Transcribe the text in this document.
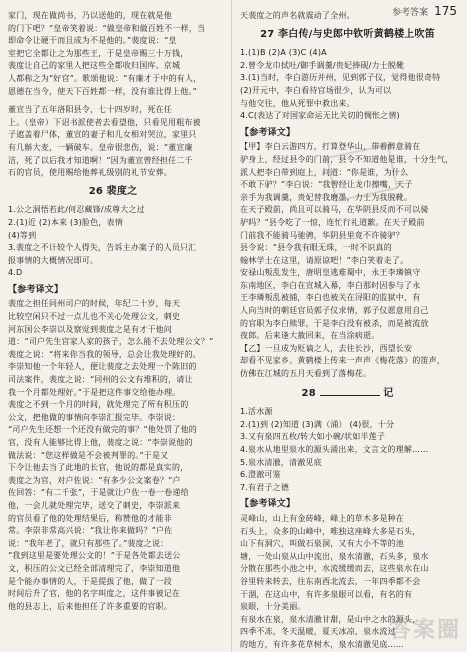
参考答案 175
家门，现在做尚书，乃以送他的，现在就是他
的门下吧？”皇帝笑着说：“做皇帝和做百姓不一样，当
即命令让硬干而且成为不是他的。”裴度说：“皇
室把它全都让之为那些王，于是皇帝赐三十万钱，
裴度让自己的家里人把这些全都收归国库。京城
人都称之为“好官”。歌颂他说：“有廉才于中的有人，
恩德在当今，使天下百姓都一样，没有谁比得上他。”
董宣当了五年洛阳县令，七十四岁时，死在任
上。（皇帝）下诏书派使者去看望他，只看见用粗布被
子遮盖着尸体，董宣的妻子和儿女相对哭泣，家里只
有几斛大麦，一辆破车。皇帝很悲伤，说：“董宣廉
洁，死了以后我才知道啊！”因为董宣曾经担任二千
石的官员，使用赐给他葬礼级别的礼节安葬。
26 裴度之
1.公之洞悟若此/何忍藏锋/成尊大之过
2.(1)近 (2)本来 (3)脸色，表情
(4)等到
3.裴度之不计较个人得失，告诉主办案子的人员只汇
报事情的大概情况即可。
4.D
【参考译文】
裴度之担任同州司户的时候，年纪二十岁，每天
比较空闲只不过一点儿也不关心处理公文，刺史
河东国公李崇以及察觉到裴度之是有才干他问
道：“司户先生官家人家的孩子，怎么能不去处理公文？”
裴度之说：“将来你当我的领导，总会让我处理好的。
李崇知他一个年轻人，便让裴度之去处理一个陈旧的
司法案件，裴度之说：“同州的公文有堆积的，请让
我一个月都处理好。”于是把这件事交给他办理。
裴度之不到一个月的时间，就处理完了所有积压的
公文，把他做的事情向李崇汇报完毕。李崇说：
“司户先生还想一个还没有做完的事？”他处罚了他的
官，没有人能够比得上他，裴度之说：“李崇说他的
做法说：“您这样做是不会被判罪的。”于是又
下令让他去当了此地的长官，他说的都是真实的，
裴度之为官，对户佐说：“有多少公文案卷？”户
佐回答：“有二千张”，于是就让户佐一卷一卷递给
他，一会儿就处理完毕，送交了刺史，李崇派来
的官员看了他的处理结果后，称赞他的才能非
常。李崇非常高兴说：“我让你来做吗？”户佐
说：“我年老了，就只有那些了。”裴度之说：
“我到这里是要处理公文的！”于是各处都去送公
文，积压的公文已经全部清理完了，李崇知道他
是个能办事情的人，于是提拔了他，做了一段
时间后升了官，他的名字叫度之，这件事被记在
他的县志上，后来他担任了许多重要的官职。
天裴度之的声名就震动了全州。
27 李白传/与史郎中钦听黄鹤楼上吹笛
1.(1)B (2)A (3)C (4)A
2.曾令龙巾拭吐/御手调羹/贵妃捧砚/力士脱靴
3.(1)当时，李白游历并州，见到郭子仪，觉得他很奇特
(2)开元中，李白看待官场很少，认为可以
与他交往，他从死罪中救出来。
4.C(表达了对国家命运无比关切的惆怅之情)
【参考译文】
【甲】李白云游四方，打算登华山，带着醉意骑在
驴身上，经过县令的门前，县令不知道他是谁，十分生气，
派人把李白带到庭上，问道：“你是谁，为什么
不敢下驴？”李白说：“我曾经让龙巾擦嘴，天子
亲手为我调羹，贵妃替我磨墨，力士为我脱靴。
在天子殿前，尚且可以骑马，在华阴县反而不可以骑
驴吗？”县令吃了一惊，连忙行礼道歉。在天子殿前
门前我不能骑马驰骋，华阴县里竟不许骑驴？
县令说：“县令我有眼无珠，一时不识真的
翰林学士在这里，请原谅吧！”李白笑着走了。
安禄山叛乱发生，唐明皇逃难蜀中，永王李璘镇守
东南地区，李白在宣城入幕，李白那时因参与了永
王李璘叛乱被捕，李白也被关在浔阳的监狱中，有
人向当时的朝廷官员郭子仪求情，郭子仪愿意用自己
的官职为李白赎罪，于是李白没有被杀，而是被流放
夜郎。后来逢大赦回来，在当涂病逝。
【乙】一旦成为贬谪之人，去往长沙，西望长安
却看不见家乡。黄鹤楼上传来一声声《梅花落》的笛声，
仿佛在江城的五月天看到了落梅花。
28	记
1.活水源
2.(1)到 (2)知道 (3)满（涌） (4)很，十分
3.又有泉四五枚/转大如小碗/状如半莲子
4.泉水从地里泉水的源头涌出来，文言文的理解……
5.泉水清澈，清澈见底
6.澄澈可鉴
7.有君子之德
【参考译文】
灵峰山，山上有金砖峰，峰上的草木多是种在
石头上，众多的山峰中，唯独这座峰大多是石头，
山下有洞穴，叫做石泉洞，又有大小不等的池
塘，一处山泉从山中流出，泉水清澈，石头多，泉水
分散在那些小池之中，水流缓缓而去，这些泉水在山
谷里转来转去，往东南西北流去，一年四季都不会
干涸，在这山中，有许多泉眼可以看，有名的有
泉眼，十分美丽。
有泉水在泉，泉水清澈甘甜，是山中之水的源头，
四季不冻，冬天温暖，夏天冰凉，泉水流过
的地方，有许多花草树木，泉水清澈见底……
答案圈
